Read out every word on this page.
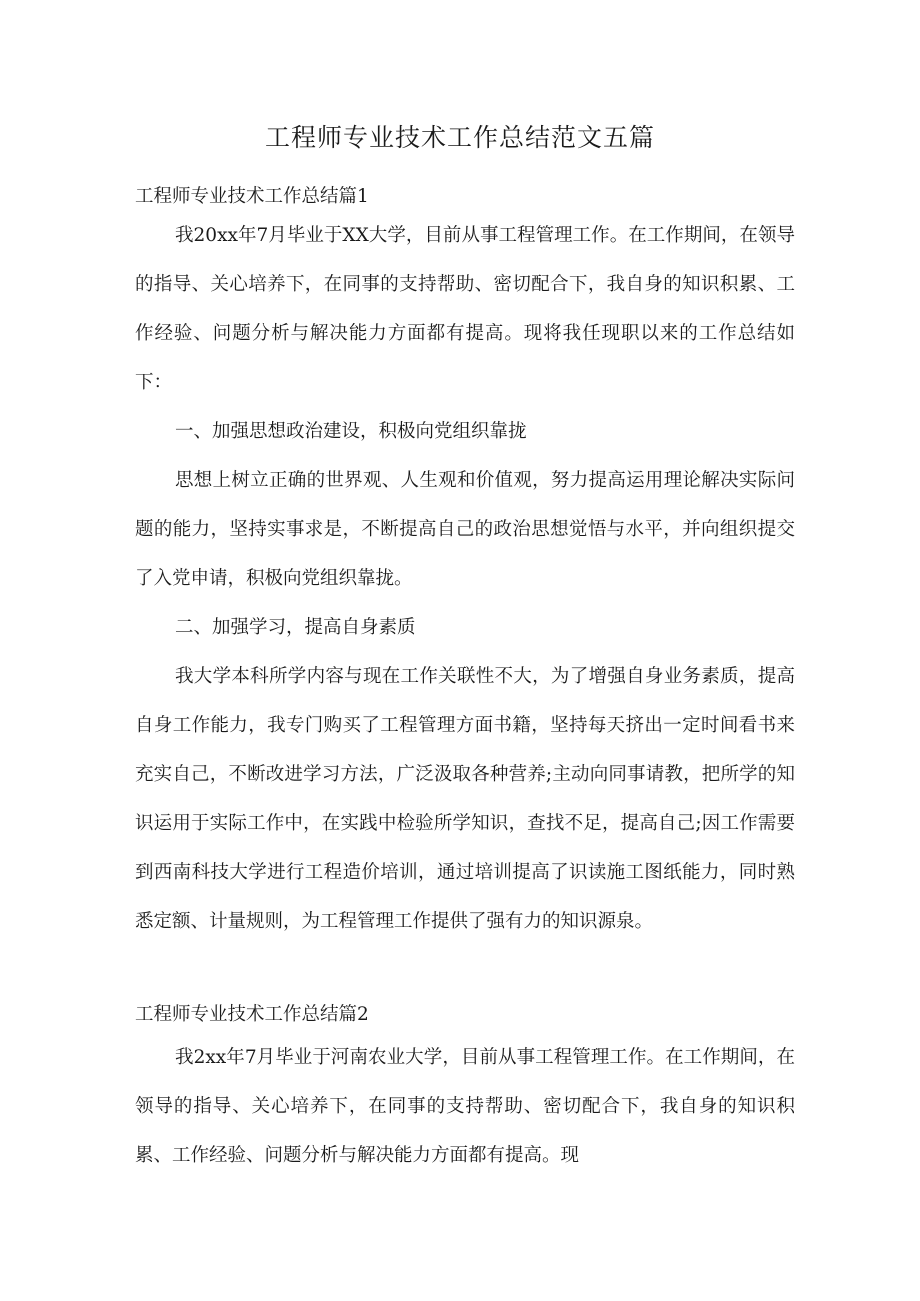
工程师专业技术工作总结范文五篇

工程师专业技术工作总结篇1

我20xx年7月毕业于XX大学，目前从事工程管理工作。在工作期间，在领导的指导、关心培养下，在同事的支持帮助、密切配合下，我自身的知识积累、工作经验、问题分析与解决能力方面都有提高。现将我任现职以来的工作总结如下：

一、加强思想政治建设，积极向党组织靠拢

思想上树立正确的世界观、人生观和价值观，努力提高运用理论解决实际问题的能力，坚持实事求是，不断提高自己的政治思想觉悟与水平，并向组织提交了入党申请，积极向党组织靠拢。

二、加强学习，提高自身素质

我大学本科所学内容与现在工作关联性不大，为了增强自身业务素质，提高自身工作能力，我专门购买了工程管理方面书籍，坚持每天挤出一定时间看书来充实自己，不断改进学习方法，广泛汲取各种营养;主动向同事请教，把所学的知识运用于实际工作中，在实践中检验所学知识，查找不足，提高自己;因工作需要到西南科技大学进行工程造价培训，通过培训提高了识读施工图纸能力，同时熟悉定额、计量规则，为工程管理工作提供了强有力的知识源泉。

工程师专业技术工作总结篇2

我2xx年7月毕业于河南农业大学，目前从事工程管理工作。在工作期间，在领导的指导、关心培养下，在同事的支持帮助、密切配合下，我自身的知识积累、工作经验、问题分析与解决能力方面都有提高。现
